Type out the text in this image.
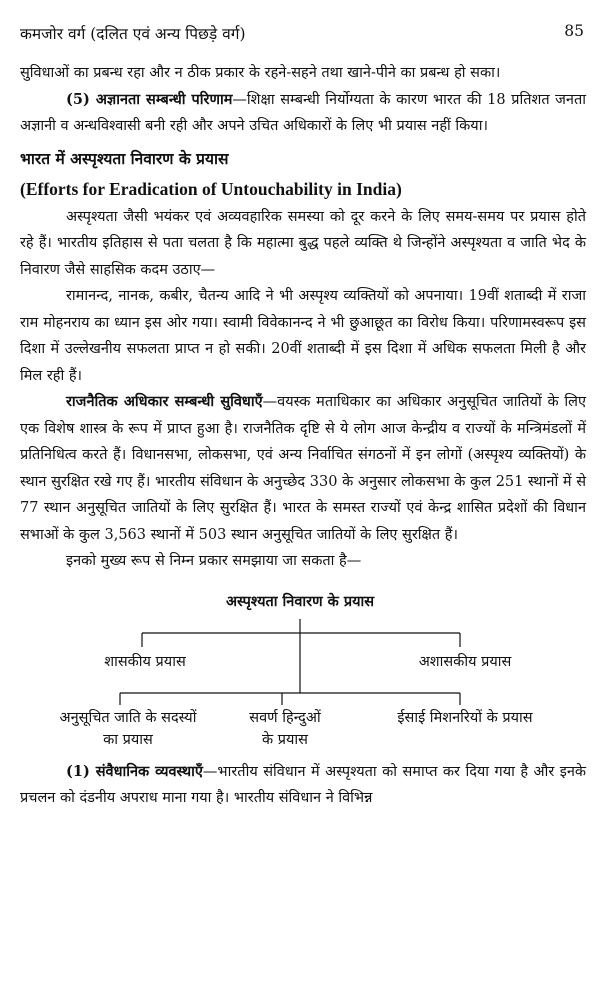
कमजोर वर्ग (दलित एवं अन्य पिछड़े वर्ग)	85

सुविधाओं का प्रबन्ध रहा और न ठीक प्रकार के रहने-सहने तथा खाने-पीने का प्रबन्ध हो सका।

(5) अज्ञानता सम्बन्धी परिणाम—शिक्षा सम्बन्धी निर्योग्यता के कारण भारत की 18 प्रतिशत जनता अज्ञानी व अन्धविश्वासी बनी रही और अपने उचित अधिकारों के लिए भी प्रयास नहीं किया।

भारत में अस्पृश्यता निवारण के प्रयास

(Efforts for Eradication of Untouchability in India)

अस्पृश्यता जैसी भयंकर एवं अव्यवहारिक समस्या को दूर करने के लिए समय-समय पर प्रयास होते रहे हैं। भारतीय इतिहास से पता चलता है कि महात्मा बुद्ध पहले व्यक्ति थे जिन्होंने अस्पृश्यता व जाति भेद के निवारण जैसे साहसिक कदम उठाए—

रामानन्द, नानक, कबीर, चैतन्य आदि ने भी अस्पृश्य व्यक्तियों को अपनाया। 19वीं शताब्दी में राजा राम मोहनराय का ध्यान इस ओर गया। स्वामी विवेकानन्द ने भी छुआछूत का विरोध किया। परिणामस्वरूप इस दिशा में उल्लेखनीय सफलता प्राप्त न हो सकी। 20वीं शताब्दी में इस दिशा में अधिक सफलता मिली है और मिल रही हैं।

राजनैतिक अधिकार सम्बन्धी सुविधाएँ—वयस्क मताधिकार का अधिकार अनुसूचित जातियों के लिए एक विशेष शास्त्र के रूप में प्राप्त हुआ है। राजनैतिक दृष्टि से ये लोग आज केन्द्रीय व राज्यों के मन्त्रिमंडलों में प्रतिनिधित्व करते हैं। विधानसभा, लोकसभा, एवं अन्य निर्वाचित संगठनों में इन लोगों (अस्पृश्य व्यक्तियों) के स्थान सुरक्षित रखे गए हैं। भारतीय संविधान के अनुच्छेद 330 के अनुसार लोकसभा के कुल 251 स्थानों में से 77 स्थान अनुसूचित जातियों के लिए सुरक्षित हैं। भारत के समस्त राज्यों एवं केन्द्र शासित प्रदेशों की विधान सभाओं के कुल 3,563 स्थानों में 503 स्थान अनुसूचित जातियों के लिए सुरक्षित हैं।

इनको मुख्य रूप से निम्न प्रकार समझाया जा सकता है—

अस्पृश्यता निवारण के प्रयास
शासकीय प्रयास	अशासकीय प्रयास
अनुसूचित जाति के सदस्यों
का प्रयास
सवर्ण हिन्दुओं
के प्रयास
ईसाई मिशनरियों के प्रयास

(1) संवैधानिक व्यवस्थाएँ—भारतीय संविधान में अस्पृश्यता को समाप्त कर दिया गया है और इनके प्रचलन को दंडनीय अपराध माना गया है। भारतीय संविधान ने विभिन्न
